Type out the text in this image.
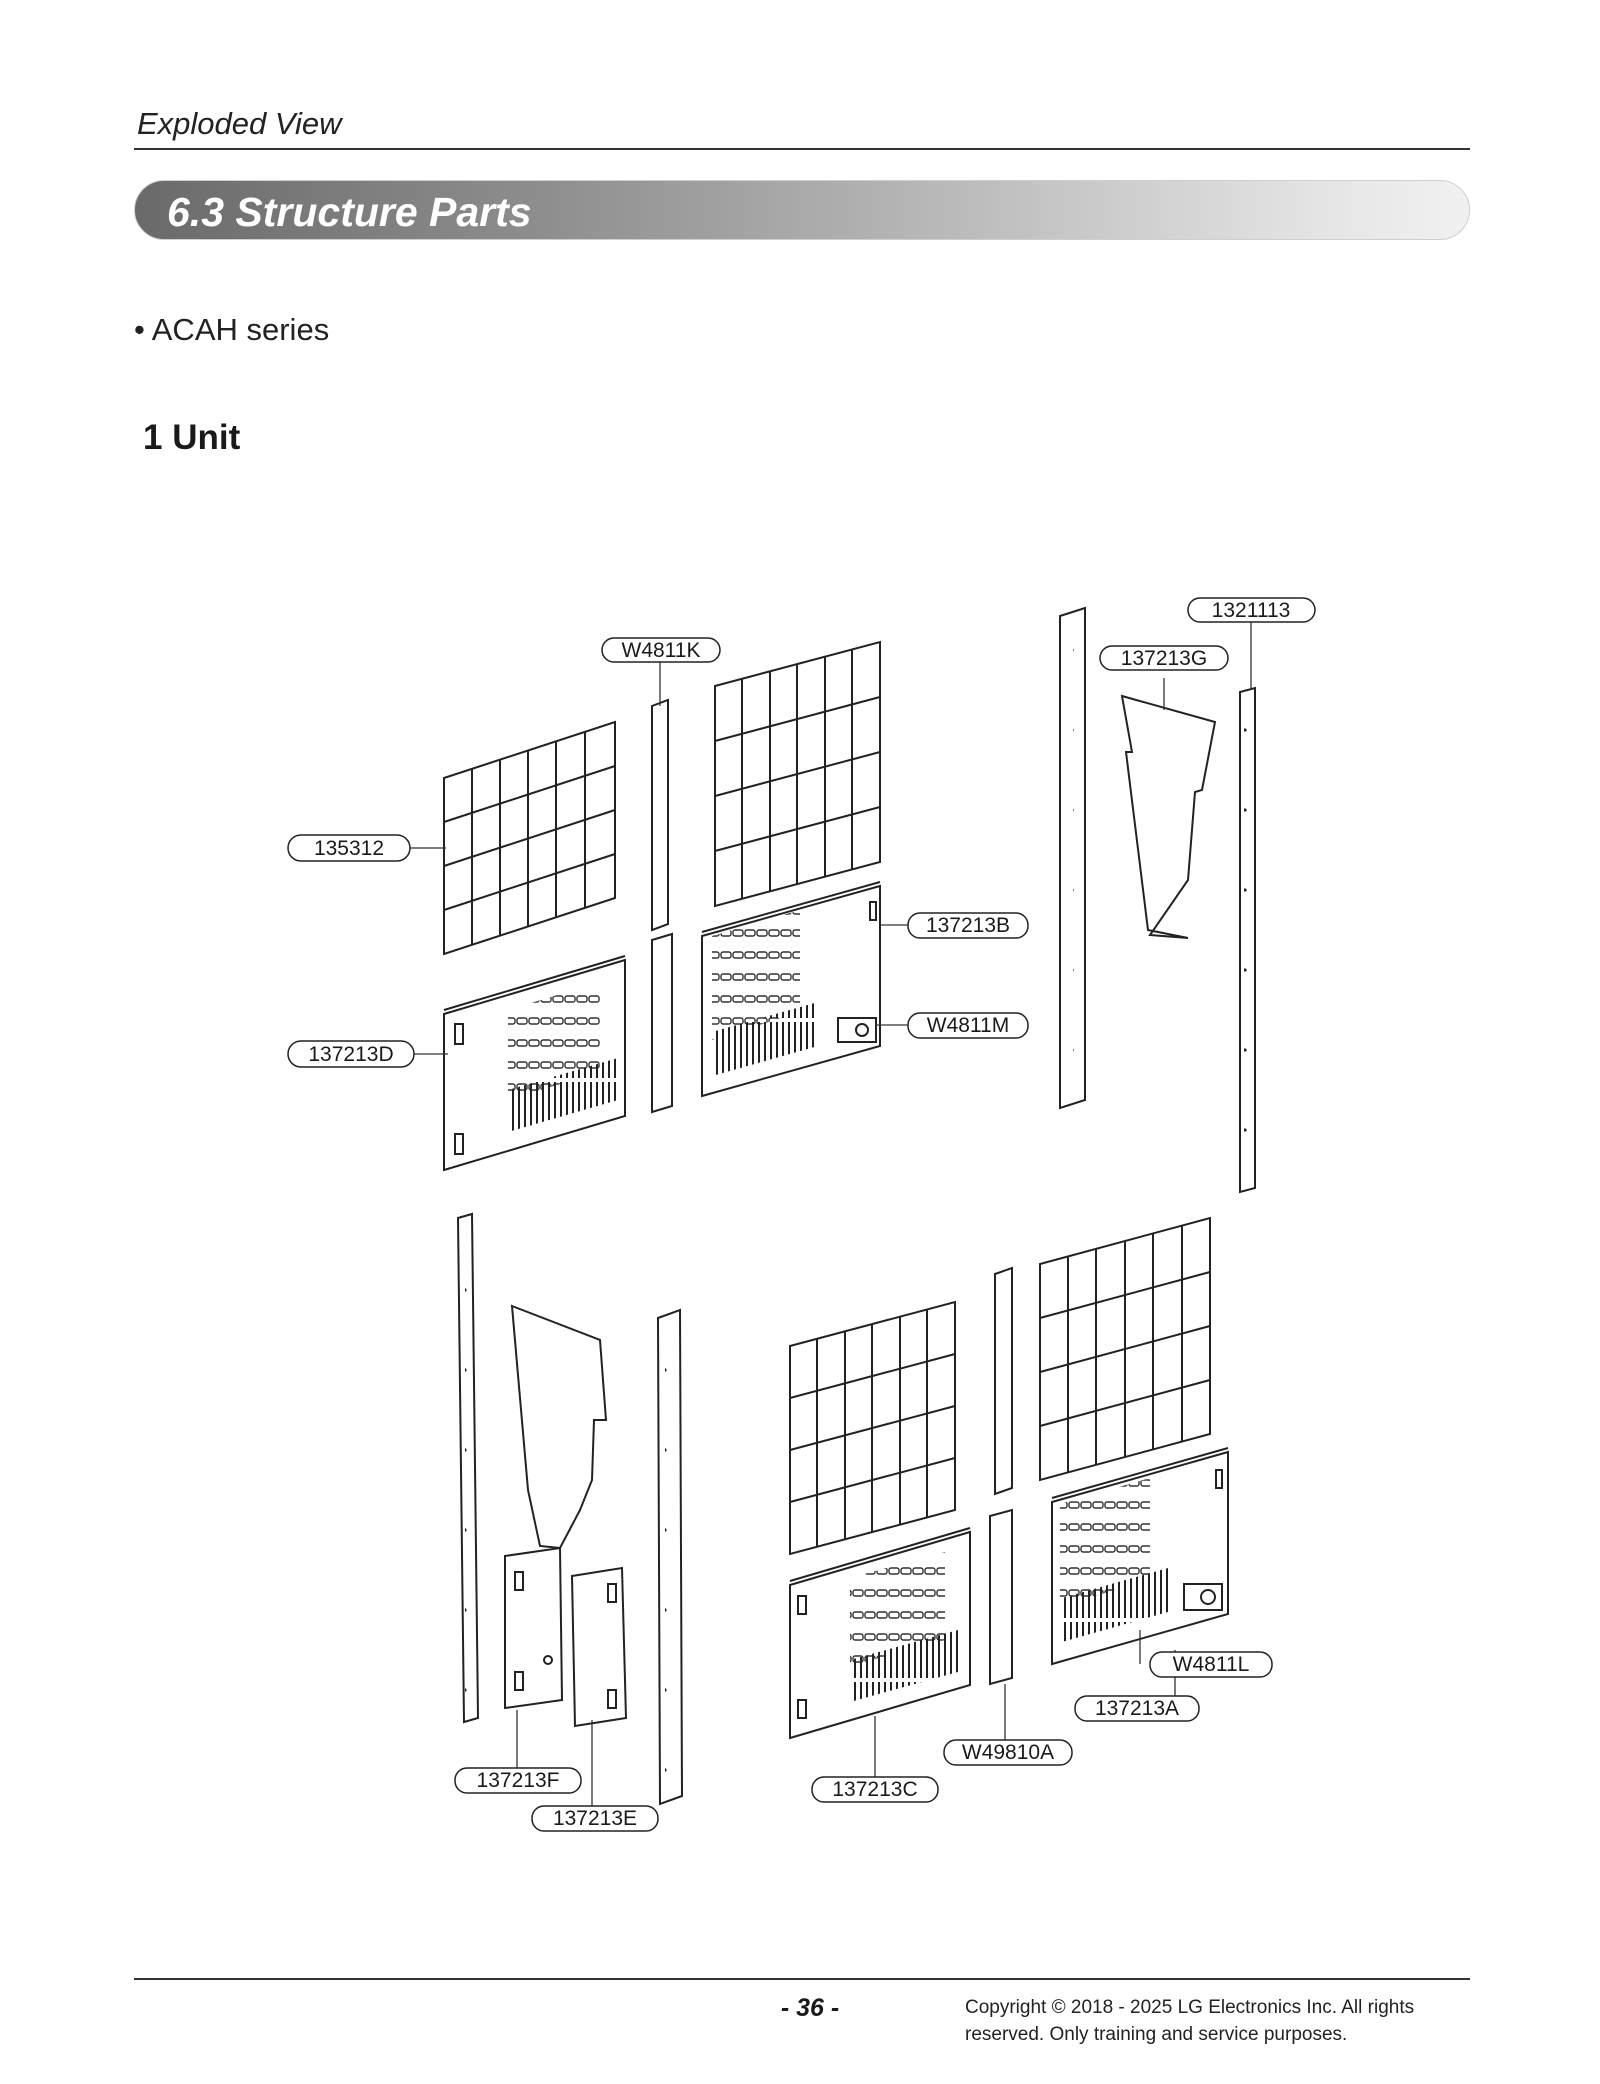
Exploded View
6.3 Structure Parts
• ACAH series
1 Unit
1321113
W4811K	137213G
135312
137213B
W4811M
137213D
W4811L
137213A
W49810A
137213F	137213C
137213E
- 36 -	Copyright © 2018 - 2025 LG Electronics Inc. All rights
reserved. Only training and service purposes.
